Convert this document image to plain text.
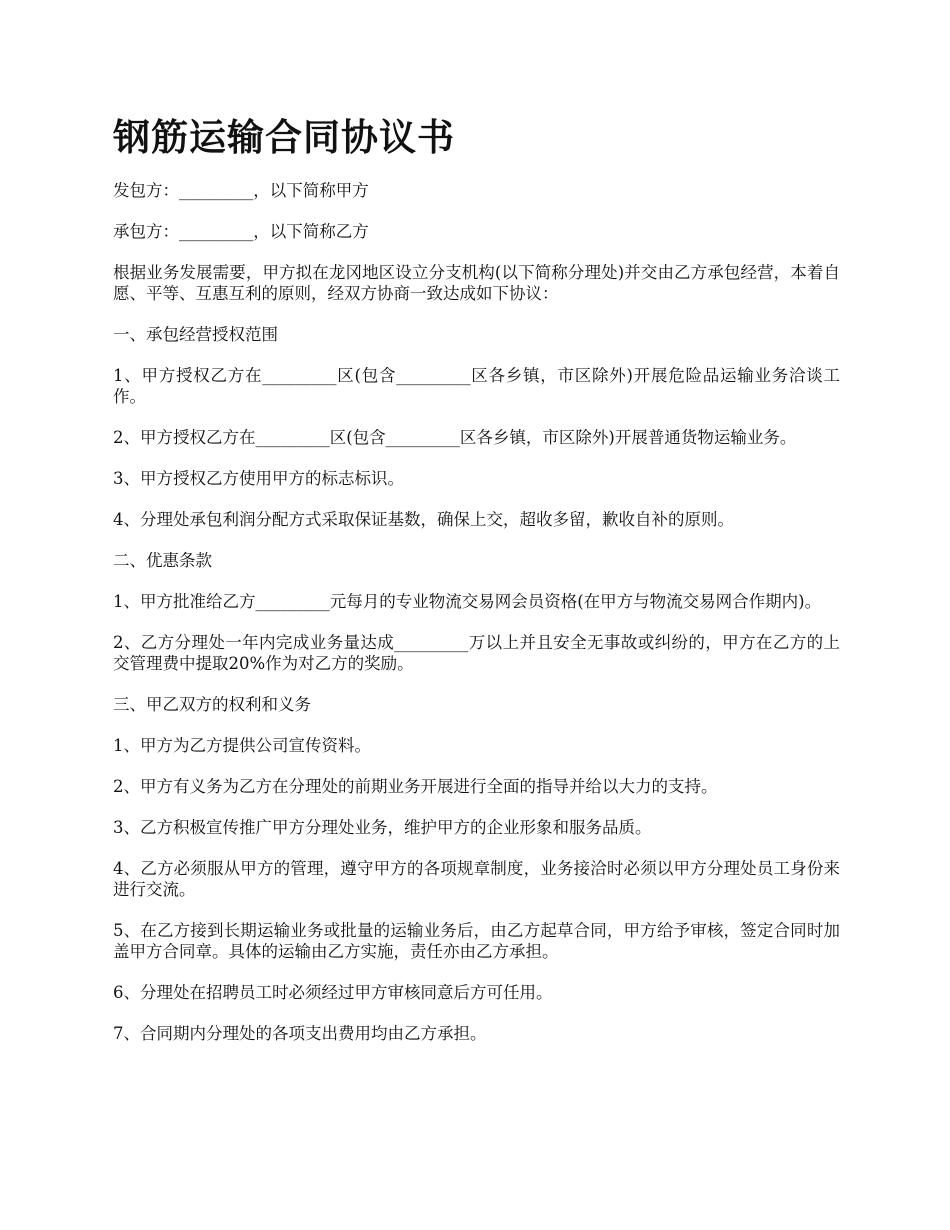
钢筋运输合同协议书

发包方：_________，以下简称甲方

承包方：_________，以下简称乙方

根据业务发展需要，甲方拟在龙冈地区设立分支机构(以下简称分理处)并交由乙方承包经营，本着自愿、平等、互惠互利的原则，经双方协商一致达成如下协议：

一、承包经营授权范围

1、甲方授权乙方在_________区(包含_________区各乡镇，市区除外)开展危险品运输业务洽谈工作。

2、甲方授权乙方在_________区(包含_________区各乡镇，市区除外)开展普通货物运输业务。

3、甲方授权乙方使用甲方的标志标识。

4、分理处承包利润分配方式采取保证基数，确保上交，超收多留，歉收自补的原则。

二、优惠条款

1、甲方批准给乙方_________元每月的专业物流交易网会员资格(在甲方与物流交易网合作期内)。

2、乙方分理处一年内完成业务量达成_________万以上并且安全无事故或纠纷的，甲方在乙方的上交管理费中提取20%作为对乙方的奖励。

三、甲乙双方的权利和义务

1、甲方为乙方提供公司宣传资料。

2、甲方有义务为乙方在分理处的前期业务开展进行全面的指导并给以大力的支持。

3、乙方积极宣传推广甲方分理处业务，维护甲方的企业形象和服务品质。

4、乙方必须服从甲方的管理，遵守甲方的各项规章制度，业务接洽时必须以甲方分理处员工身份来进行交流。

5、在乙方接到长期运输业务或批量的运输业务后，由乙方起草合同，甲方给予审核，签定合同时加盖甲方合同章。具体的运输由乙方实施，责任亦由乙方承担。

6、分理处在招聘员工时必须经过甲方审核同意后方可任用。

7、合同期内分理处的各项支出费用均由乙方承担。
